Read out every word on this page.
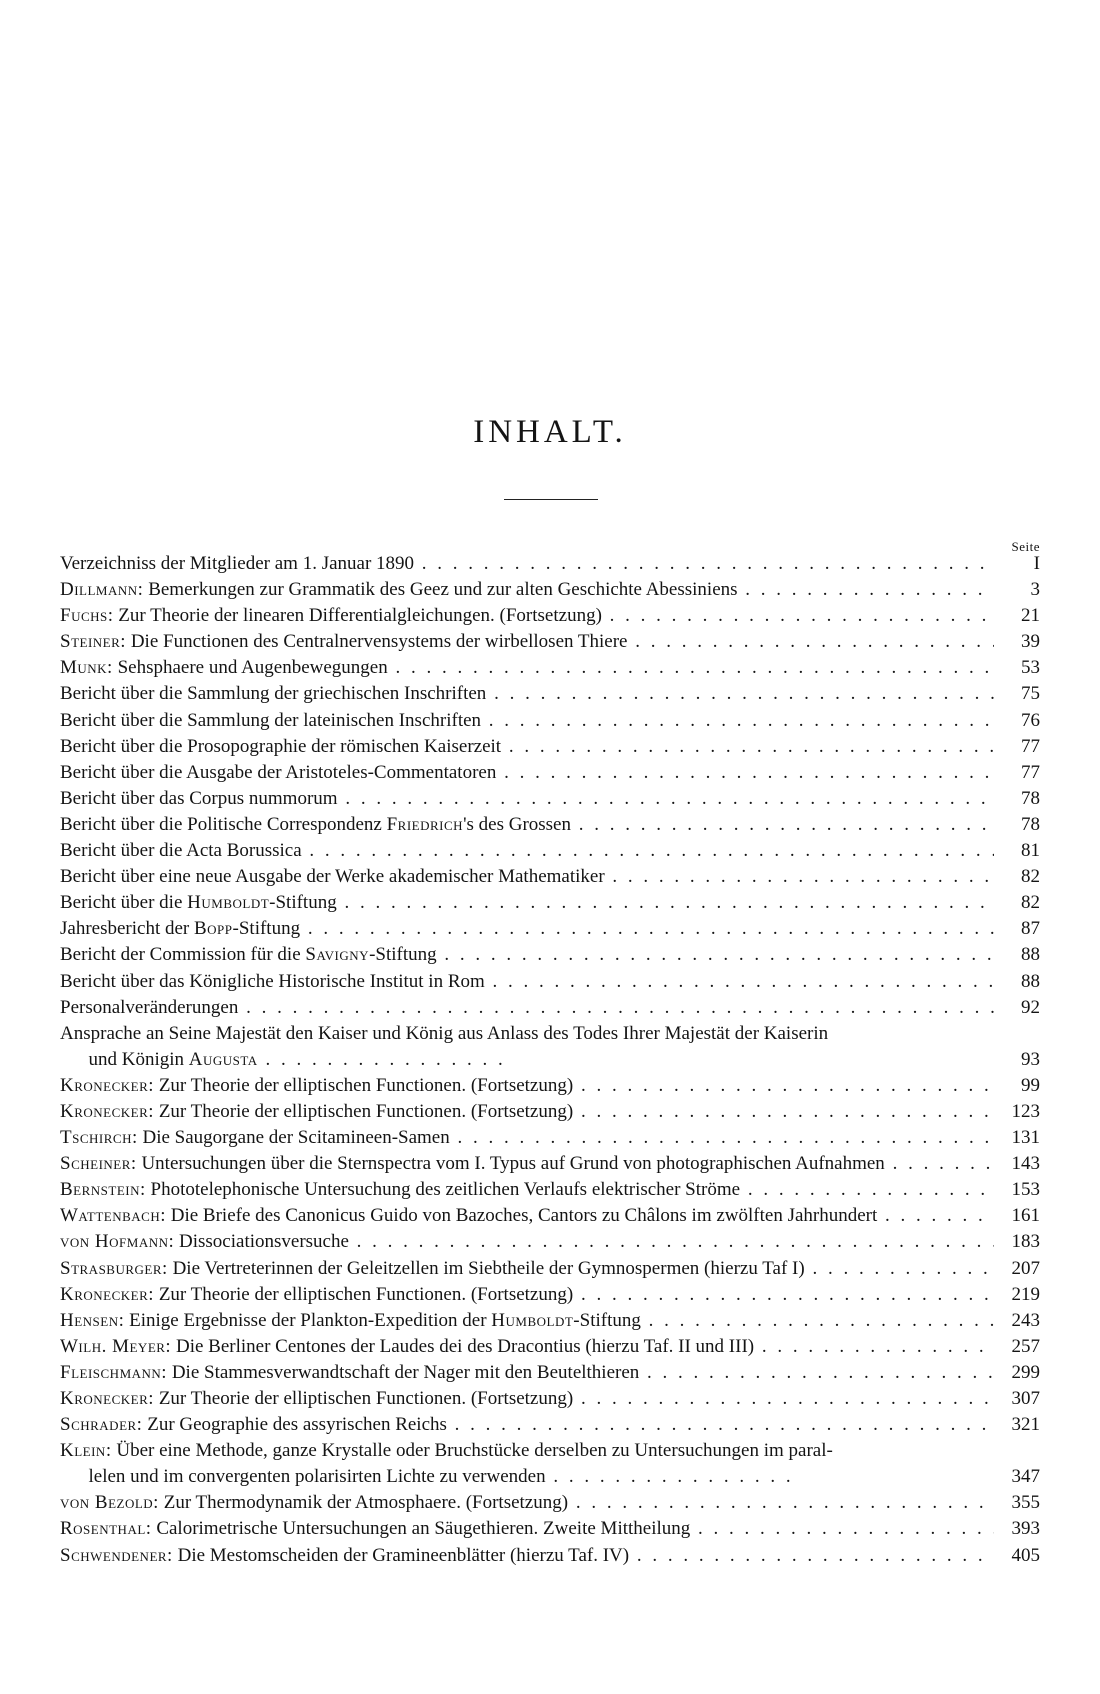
INHALT.
Seite
Verzeichniss der Mitglieder am 1. Januar 1890 . . .	I
Dillmann: Bemerkungen zur Grammatik des Geez und zur alten Geschichte Abessiniens . . .	3
Fuchs: Zur Theorie der linearen Differentialgleichungen. (Fortsetzung) . . .	21
Steiner: Die Functionen des Centralnervensystems der wirbellosen Thiere . . .	39
Munk: Sehsphaere und Augenbewegungen . . .	53
Bericht über die Sammlung der griechischen Inschriften . . .	75
Bericht über die Sammlung der lateinischen Inschriften . . .	76
Bericht über die Prosopographie der römischen Kaiserzeit . . .	77
Bericht über die Ausgabe der Aristoteles-Commentatoren . . .	77
Bericht über das Corpus nummorum . . .	78
Bericht über die Politische Correspondenz Friedrich's des Grossen . . .	78
Bericht über die Acta Borussica . . .	81
Bericht über eine neue Ausgabe der Werke akademischer Mathematiker . . .	82
Bericht über die Humboldt-Stiftung . . .	82
Jahresbericht der Bopp-Stiftung . . .	87
Bericht der Commission für die Savigny-Stiftung . . .	88
Bericht über das Königliche Historische Institut in Rom . . .	88
Personalveränderungen . . .	92
Ansprache an Seine Majestät den Kaiser und König aus Anlass des Todes Ihrer Majestät der Kaiserin
  und Königin Augusta . . . . . . . . . . . . . . . .	93
Kronecker: Zur Theorie der elliptischen Functionen. (Fortsetzung) . . .	99
Kronecker: Zur Theorie der elliptischen Functionen. (Fortsetzung) . . .	123
Tschirch: Die Saugorgane der Scitamineen-Samen . . .	131
Scheiner: Untersuchungen über die Sternspectra vom I. Typus auf Grund von photographischen Aufnahmen . . .	143
Bernstein: Phototelephonische Untersuchung des zeitlichen Verlaufs elektrischer Ströme . . .	153
Wattenbach: Die Briefe des Canonicus Guido von Bazoches, Cantors zu Châlons im zwölften Jahrhundert . . .	161
von Hofmann: Dissociationsversuche . . .	183
Strasburger: Die Vertreterinnen der Geleitzellen im Siebtheile der Gymnospermen (hierzu Taf I) . . .	207
Kronecker: Zur Theorie der elliptischen Functionen. (Fortsetzung) . . .	219
Hensen: Einige Ergebnisse der Plankton-Expedition der Humboldt-Stiftung . . .	243
Wilh. Meyer: Die Berliner Centones der Laudes dei des Dracontius (hierzu Taf. II und III) . . .	257
Fleischmann: Die Stammesverwandtschaft der Nager mit den Beutelthieren . . .	299
Kronecker: Zur Theorie der elliptischen Functionen. (Fortsetzung) . . .	307
Schrader: Zur Geographie des assyrischen Reichs . . .	321
Klein: Über eine Methode, ganze Krystalle oder Bruchstücke derselben zu Untersuchungen im paral-
  lelen und im convergenten polarisirten Lichte zu verwenden . . . . . . . . . . . . . . . .	347
von Bezold: Zur Thermodynamik der Atmosphaere. (Fortsetzung) . . .	355
Rosenthal: Calorimetrische Untersuchungen an Säugethieren. Zweite Mittheilung . . .	393
Schwendener: Die Mestomscheiden der Gramineenblätter (hierzu Taf. IV) . . .	405
